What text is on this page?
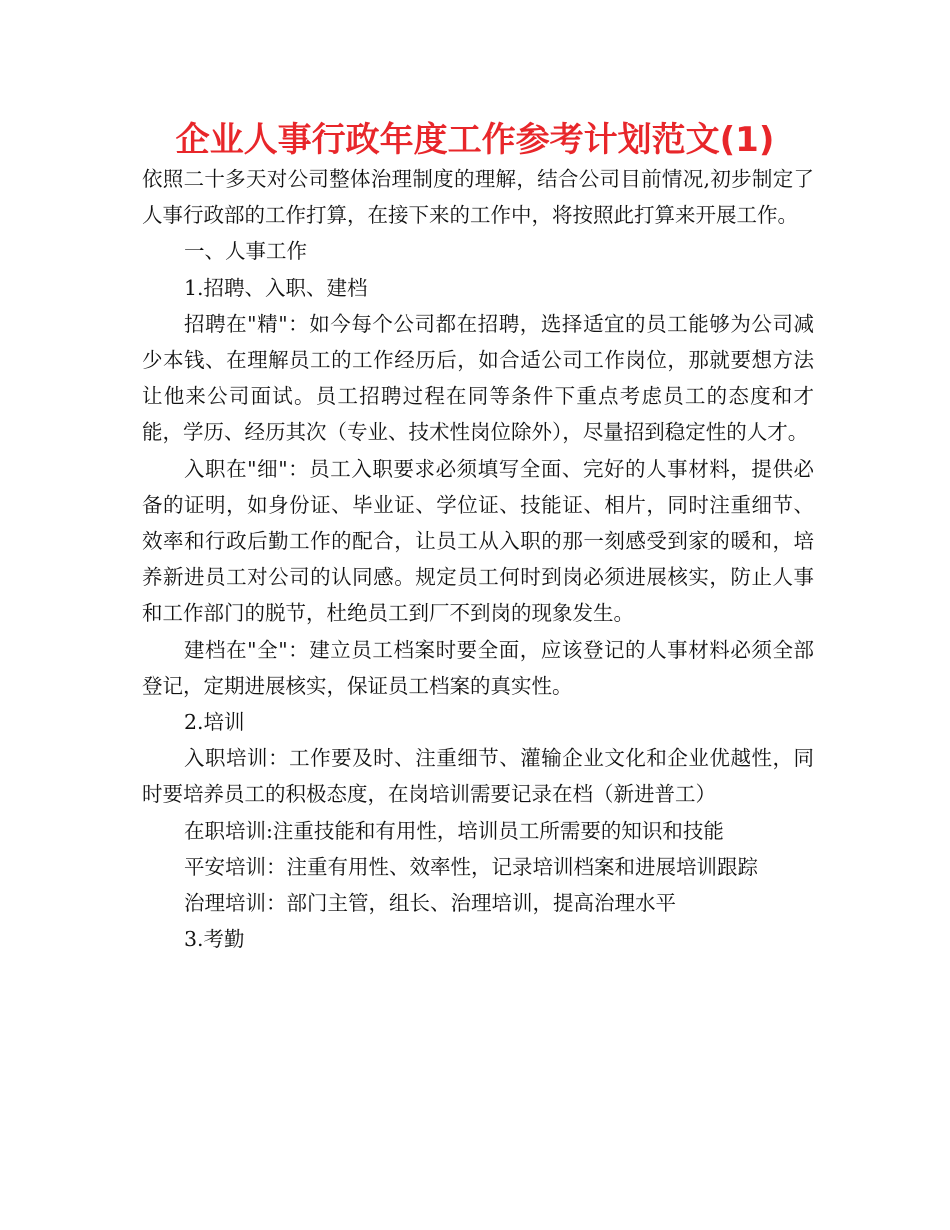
企业人事行政年度工作参考计划范文(1)

依照二十多天对公司整体治理制度的理解，结合公司目前情况,初步制定了人事行政部的工作打算，在接下来的工作中，将按照此打算来开展工作。

一、人事工作

1.招聘、入职、建档

招聘在"精"：如今每个公司都在招聘，选择适宜的员工能够为公司减少本钱、在理解员工的工作经历后，如合适公司工作岗位，那就要想方法让他来公司面试。员工招聘过程在同等条件下重点考虑员工的态度和才能，学历、经历其次（专业、技术性岗位除外），尽量招到稳定性的人才。

入职在"细"：员工入职要求必须填写全面、完好的人事材料，提供必备的证明，如身份证、毕业证、学位证、技能证、相片，同时注重细节、效率和行政后勤工作的配合，让员工从入职的那一刻感受到家的暖和，培养新进员工对公司的认同感。规定员工何时到岗必须进展核实，防止人事和工作部门的脱节，杜绝员工到厂不到岗的现象发生。

建档在"全"：建立员工档案时要全面，应该登记的人事材料必须全部登记，定期进展核实，保证员工档案的真实性。

2.培训

入职培训：工作要及时、注重细节、灌输企业文化和企业优越性，同时要培养员工的积极态度，在岗培训需要记录在档（新进普工）

在职培训:注重技能和有用性，培训员工所需要的知识和技能

平安培训：注重有用性、效率性，记录培训档案和进展培训跟踪

治理培训：部门主管，组长、治理培训，提高治理水平

3.考勤
